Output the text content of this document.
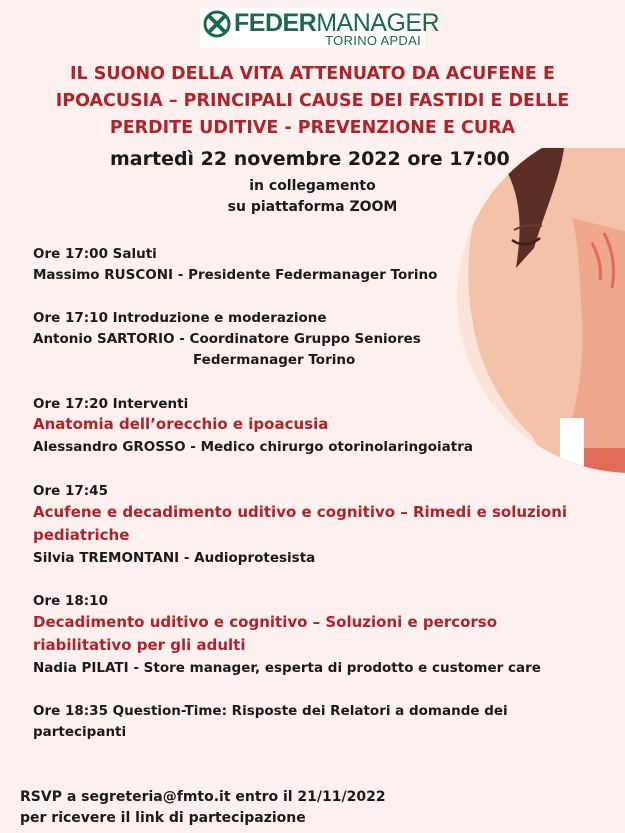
FEDERMANAGER
TORINO APDAI
IL SUONO DELLA VITA ATTENUATO DA ACUFENE E
IPOACUSIA – PRINCIPALI CAUSE DEI FASTIDI E DELLE
PERDITE UDITIVE - PREVENZIONE E CURA
martedì 22 novembre 2022 ore 17:00
in collegamento
su piattaforma ZOOM
Ore 17:00 Saluti
Massimo RUSCONI - Presidente Federmanager Torino
Ore 17:10 Introduzione e moderazione
Antonio SARTORIO - Coordinatore Gruppo Seniores
Federmanager Torino
Ore 17:20 Interventi
Anatomia dell’orecchio e ipoacusia
Alessandro GROSSO - Medico chirurgo otorinolaringoiatra
Ore 17:45
Acufene e decadimento uditivo e cognitivo – Rimedi e soluzioni
pediatriche
Silvia TREMONTANI - Audioprotesista
Ore 18:10
Decadimento uditivo e cognitivo – Soluzioni e percorso
riabilitativo per gli adulti
Nadia PILATI - Store manager, esperta di prodotto e customer care
Ore 18:35 Question-Time: Risposte dei Relatori a domande dei
partecipanti
RSVP a segreteria@fmto.it entro il 21/11/2022
per ricevere il link di partecipazione
